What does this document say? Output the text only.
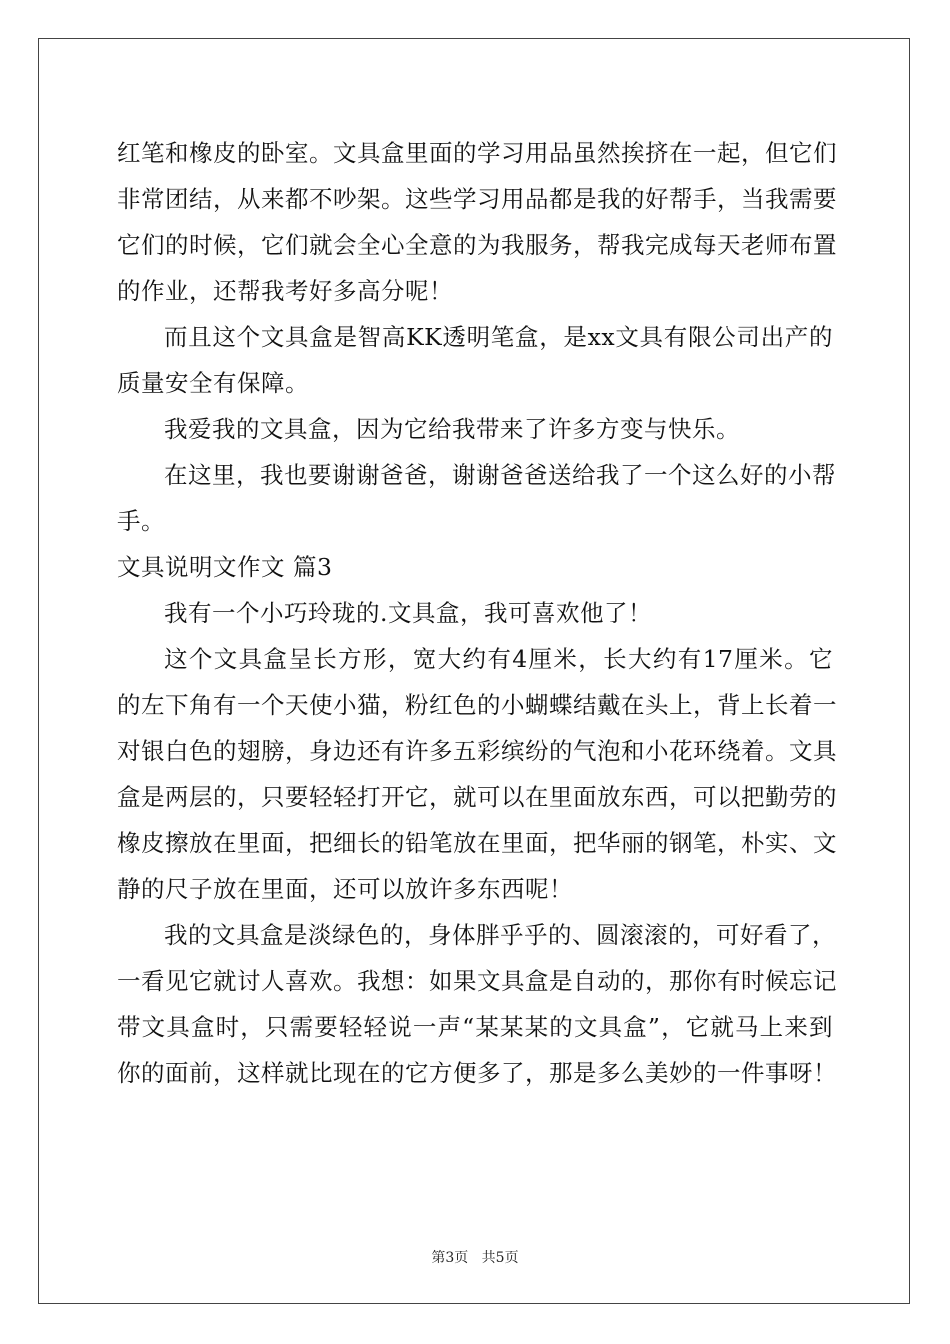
红笔和橡皮的卧室。文具盒里面的学习用品虽然挨挤在一起，但它们
非常团结，从来都不吵架。这些学习用品都是我的好帮手，当我需要
它们的时候，它们就会全心全意的为我服务，帮我完成每天老师布置
的作业，还帮我考好多高分呢！
而且这个文具盒是智高KK透明笔盒，是xx文具有限公司出产的
质量安全有保障。
我爱我的文具盒，因为它给我带来了许多方变与快乐。
在这里，我也要谢谢爸爸，谢谢爸爸送给我了一个这么好的小帮
手。
文具说明文作文 篇3
我有一个小巧玲珑的.文具盒，我可喜欢他了！
这个文具盒呈长方形，宽大约有4厘米，长大约有17厘米。它
的左下角有一个天使小猫，粉红色的小蝴蝶结戴在头上，背上长着一
对银白色的翅膀，身边还有许多五彩缤纷的气泡和小花环绕着。文具
盒是两层的，只要轻轻打开它，就可以在里面放东西，可以把勤劳的
橡皮擦放在里面，把细长的铅笔放在里面，把华丽的钢笔，朴实、文
静的尺子放在里面，还可以放许多东西呢！
我的文具盒是淡绿色的，身体胖乎乎的、圆滚滚的，可好看了，
一看见它就讨人喜欢。我想：如果文具盒是自动的，那你有时候忘记
带文具盒时，只需要轻轻说一声“某某某的文具盒”，它就马上来到
你的面前，这样就比现在的它方便多了，那是多么美妙的一件事呀！
第3页 共5页
